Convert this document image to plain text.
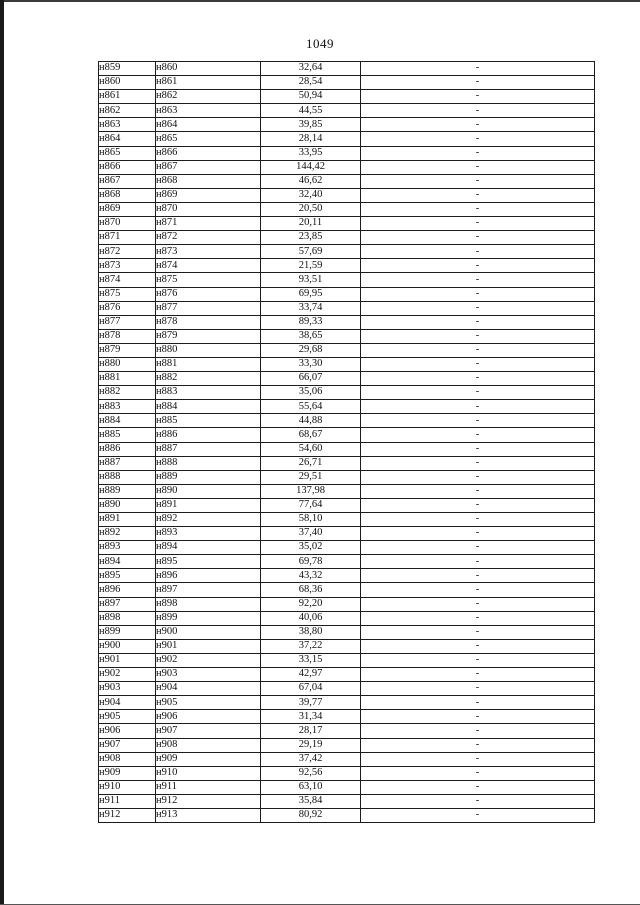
1049
н859	н860	32,64	-
н860	н861	28,54	-
н861	н862	50,94	-
н862	н863	44,55	-
н863	н864	39,85	-
н864	н865	28,14	-
н865	н866	33,95	-
н866	н867	144,42	-
н867	н868	46,62	-
н868	н869	32,40	-
н869	н870	20,50	-
н870	н871	20,11	-
н871	н872	23,85	-
н872	н873	57,69	-
н873	н874	21,59	-
н874	н875	93,51	-
н875	н876	69,95	-
н876	н877	33,74	-
н877	н878	89,33	-
н878	н879	38,65	-
н879	н880	29,68	-
н880	н881	33,30	-
н881	н882	66,07	-
н882	н883	35,06	-
н883	н884	55,64	-
н884	н885	44,88	-
н885	н886	68,67	-
н886	н887	54,60	-
н887	н888	26,71	-
н888	н889	29,51	-
н889	н890	137,98	-
н890	н891	77,64	-
н891	н892	58,10	-
н892	н893	37,40	-
н893	н894	35,02	-
н894	н895	69,78	-
н895	н896	43,32	-
н896	н897	68,36	-
н897	н898	92,20	-
н898	н899	40,06	-
н899	н900	38,80	-
н900	н901	37,22	-
н901	н902	33,15	-
н902	н903	42,97	-
н903	н904	67,04	-
н904	н905	39,77	-
н905	н906	31,34	-
н906	н907	28,17	-
н907	н908	29,19	-
н908	н909	37,42	-
н909	н910	92,56	-
н910	н911	63,10	-
н911	н912	35,84	-
н912	н913	80,92	-
